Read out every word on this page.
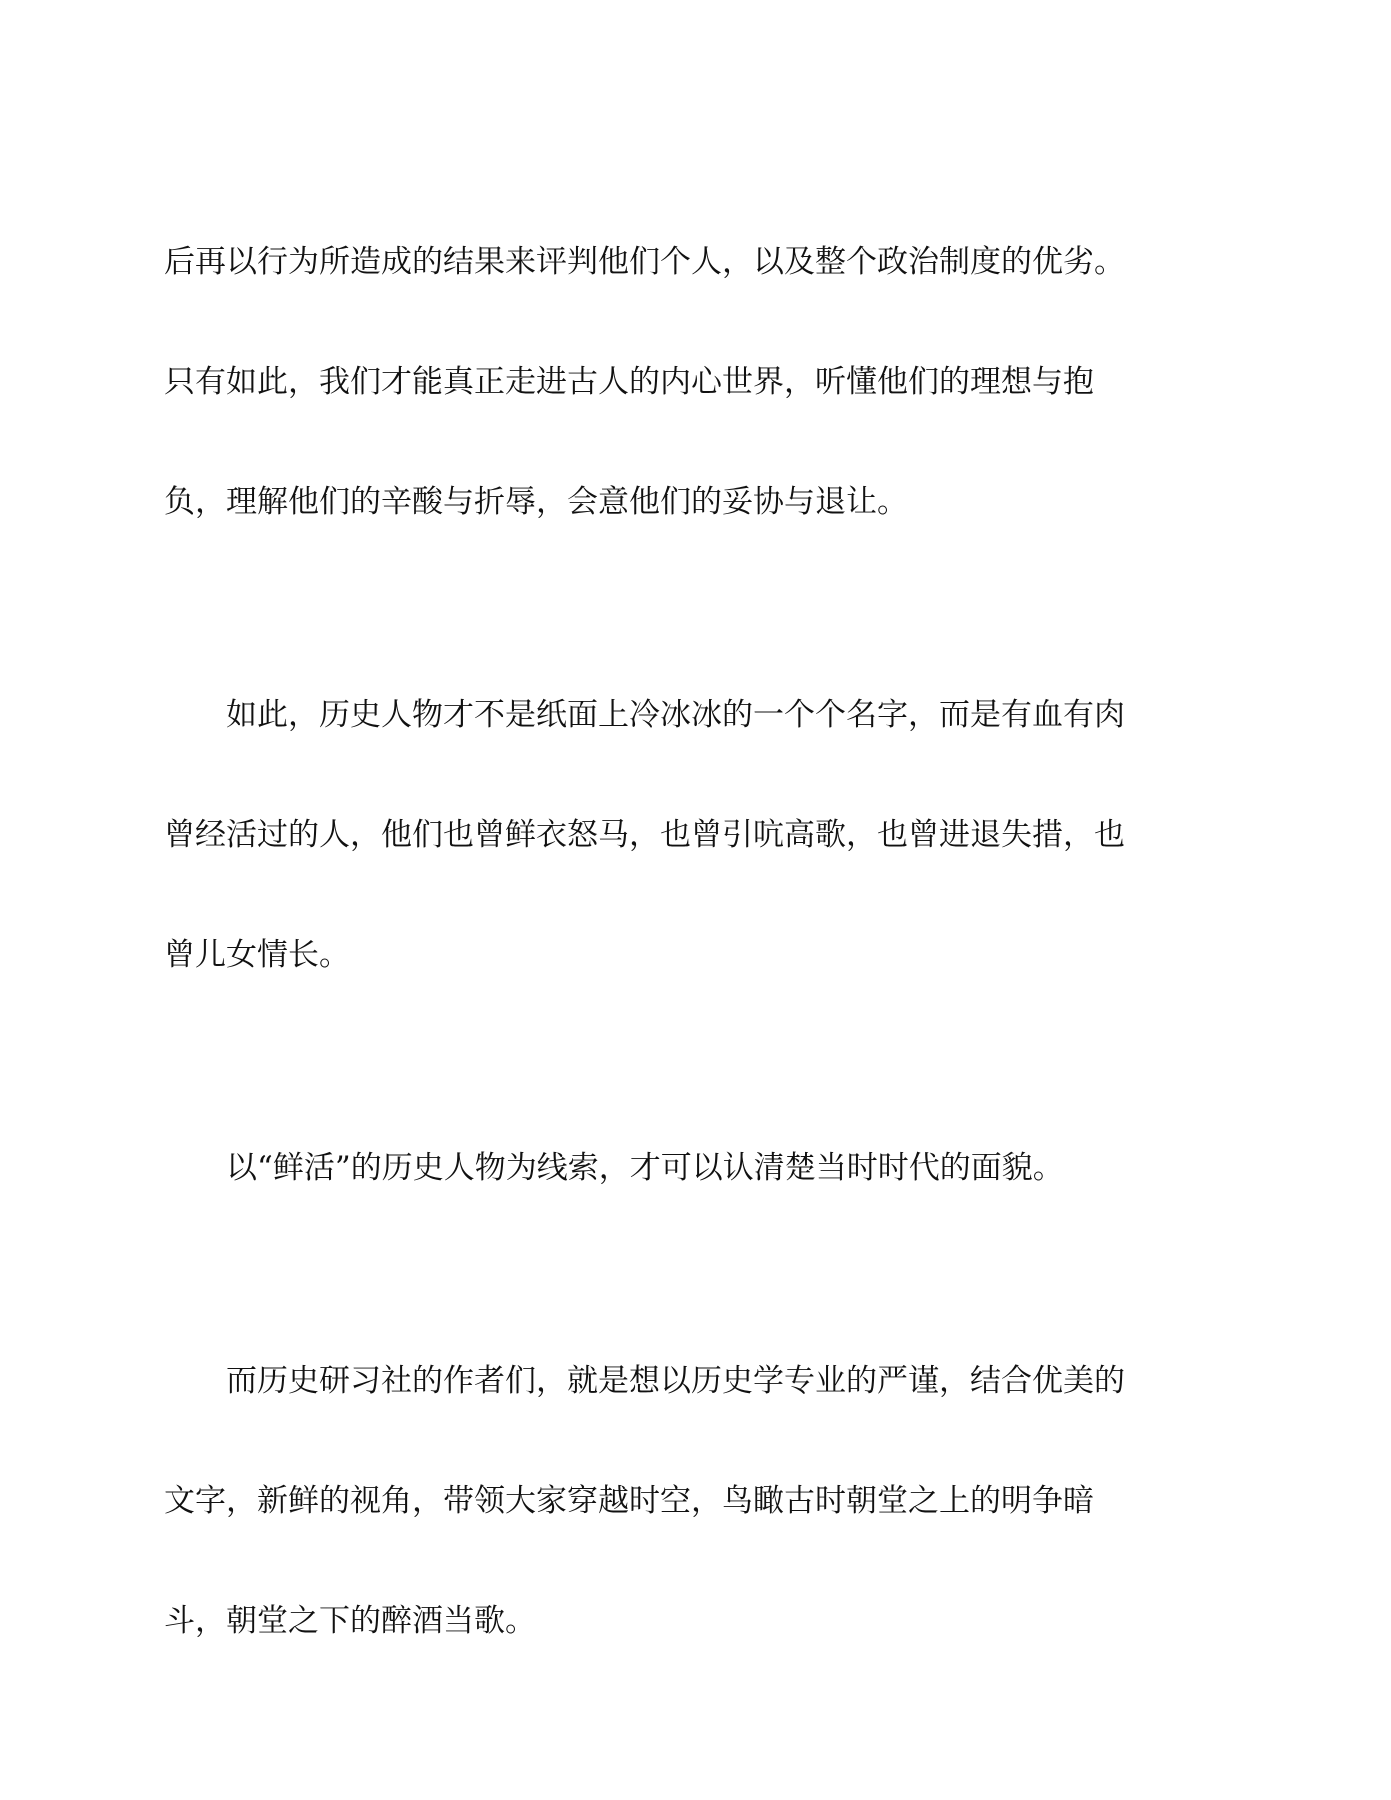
后再以行为所造成的结果来评判他们个人，以及整个政治制度的优劣。

只有如此，我们才能真正走进古人的内心世界，听懂他们的理想与抱

负，理解他们的辛酸与折辱，会意他们的妥协与退让。

如此，历史人物才不是纸面上冷冰冰的一个个名字，而是有血有肉

曾经活过的人，他们也曾鲜衣怒马，也曾引吭高歌，也曾进退失措，也

曾儿女情长。

以“鲜活”的历史人物为线索，才可以认清楚当时时代的面貌。

而历史研习社的作者们，就是想以历史学专业的严谨，结合优美的

文字，新鲜的视角，带领大家穿越时空，鸟瞰古时朝堂之上的明争暗

斗，朝堂之下的醉酒当歌。
